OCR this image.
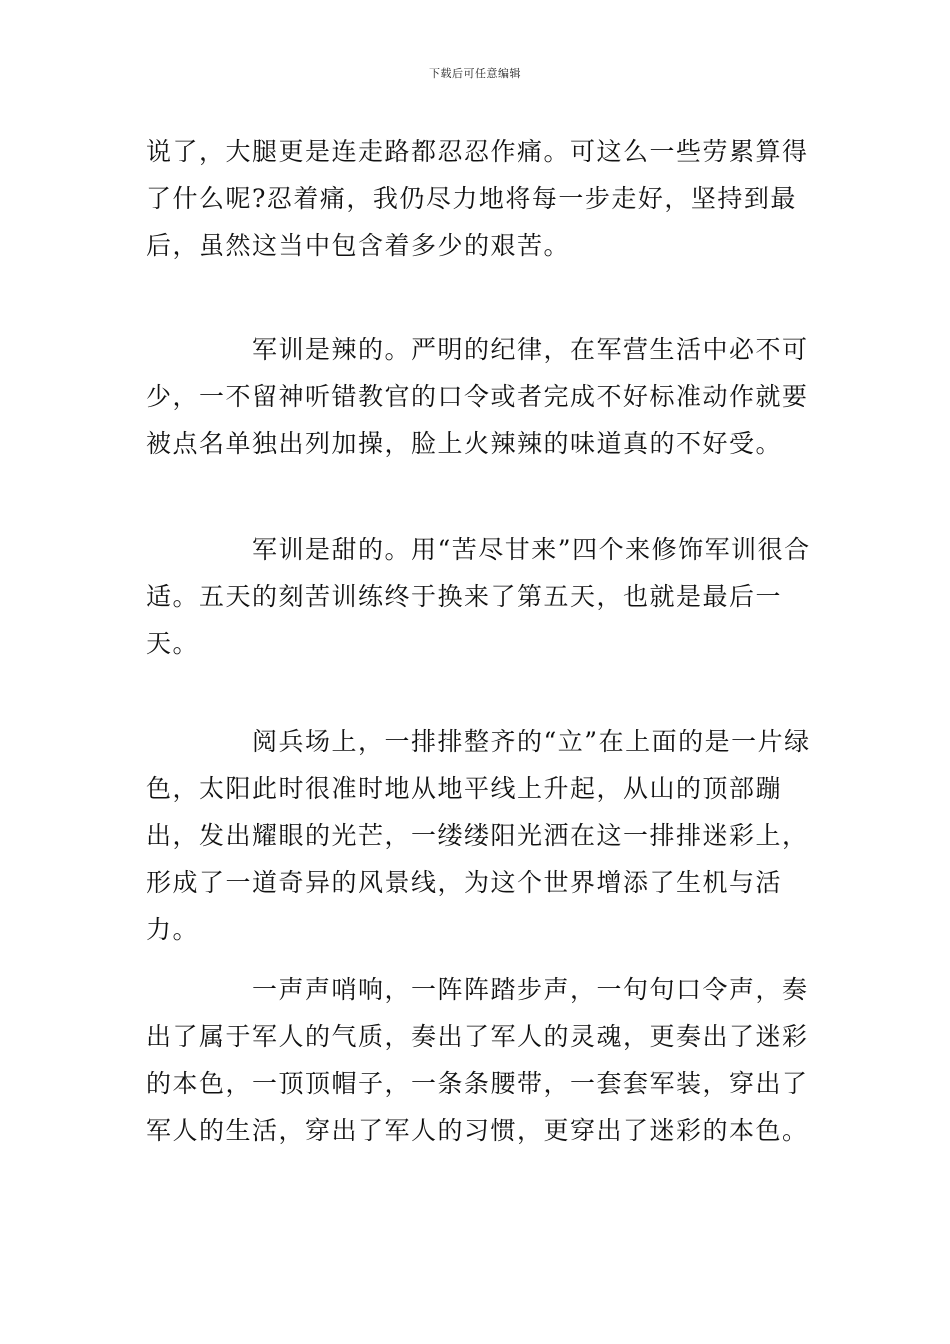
下载后可任意编辑

说了，大腿更是连走路都忍忍作痛。可这么一些劳累算得了什么呢?忍着痛，我仍尽力地将每一步走好，坚持到最后，虽然这当中包含着多少的艰苦。

军训是辣的。严明的纪律，在军营生活中必不可少，一不留神听错教官的口令或者完成不好标准动作就要被点名单独出列加操，脸上火辣辣的味道真的不好受。

军训是甜的。用“苦尽甘来”四个来修饰军训很合适。五天的刻苦训练终于换来了第五天，也就是最后一天。

阅兵场上，一排排整齐的“立”在上面的是一片绿色，太阳此时很准时地从地平线上升起，从山的顶部蹦出，发出耀眼的光芒，一缕缕阳光洒在这一排排迷彩上，形成了一道奇异的风景线，为这个世界增添了生机与活力。

一声声哨响，一阵阵踏步声，一句句口令声，奏出了属于军人的气质，奏出了军人的灵魂，更奏出了迷彩的本色，一顶顶帽子，一条条腰带，一套套军装，穿出了军人的生活，穿出了军人的习惯，更穿出了迷彩的本色。
